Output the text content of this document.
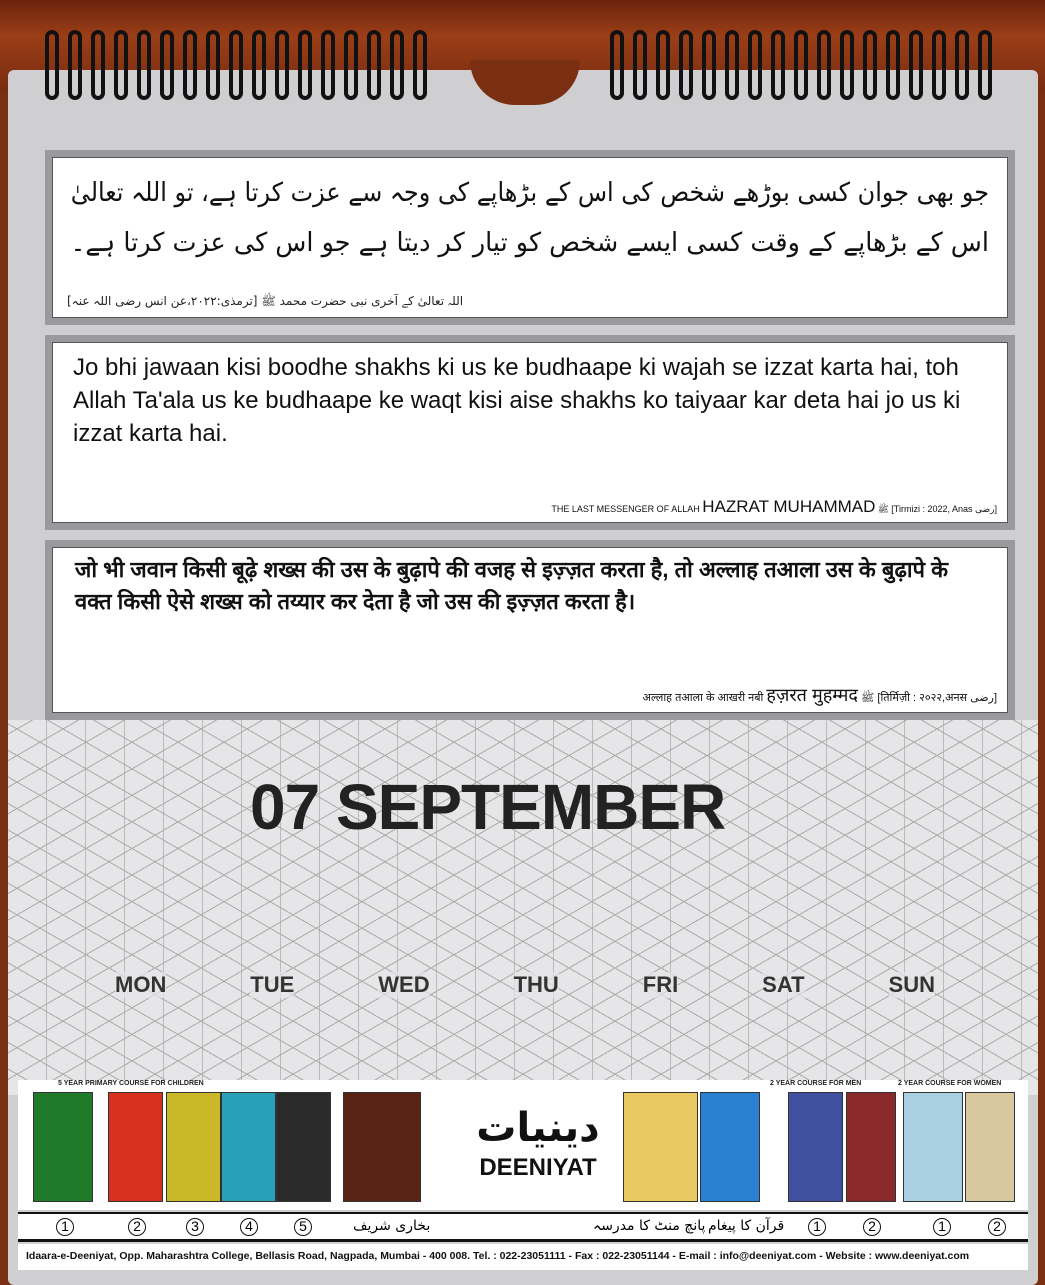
جو بھی جوان کسی بوڑھے شخص کی اس کے بڑھاپے کی وجہ سے عزت کرتا ہے، تو اللہ تعالیٰ
اس کے بڑھاپے کے وقت کسی ایسے شخص کو تیار کر دیتا ہے جو اس کی عزت کرتا ہے۔
اللہ تعالیٰ کے آخری نبی حضرت محمد ﷺ [ترمذی:۲۰۲۲،عن انس رضی اللہ عنہ]
Jo bhi jawaan kisi boodhe shakhs ki us ke budhaape ki wajah se izzat karta hai, toh Allah Ta'ala us ke budhaape ke waqt kisi aise shakhs ko taiyaar kar deta hai jo us ki izzat karta hai.
THE LAST MESSENGER OF ALLAH HAZRAT MUHAMMAD ﷺ [Tirmizi : 2022, Anas رضی]
जो भी जवान किसी बूढ़े शख्स की उस के बुढ़ापे की वजह से इज़्ज़त करता है, तो अल्लाह तआला उस के बुढ़ापे के वक्त किसी ऐसे शख्स को तय्यार कर देता है जो उस की इज़्ज़त करता है।
अल्लाह तआला के आखरी नबी हज़रत मुहम्मद ﷺ [तिर्मिज़ी : २०२२,अनस رضی]
07 SEPTEMBER
MON	TUE	WED	THU	FRI	SAT	SUN
5 YEAR PRIMARY COURSE FOR CHILDREN	2 YEAR COURSE FOR MEN	2 YEAR COURSE FOR WOMEN
دینیات
DEENIYAT
1	2	3	4	5	بخاری شریف	قرآن کا پیغام
پانچ منٹ کا مدرسہ	1	2	1	2
Idaara-e-Deeniyat, Opp. Maharashtra College, Bellasis Road, Nagpada, Mumbai - 400 008. Tel. : 022-23051111 - Fax : 022-23051144 - E-mail : info@deeniyat.com - Website : www.deeniyat.com
